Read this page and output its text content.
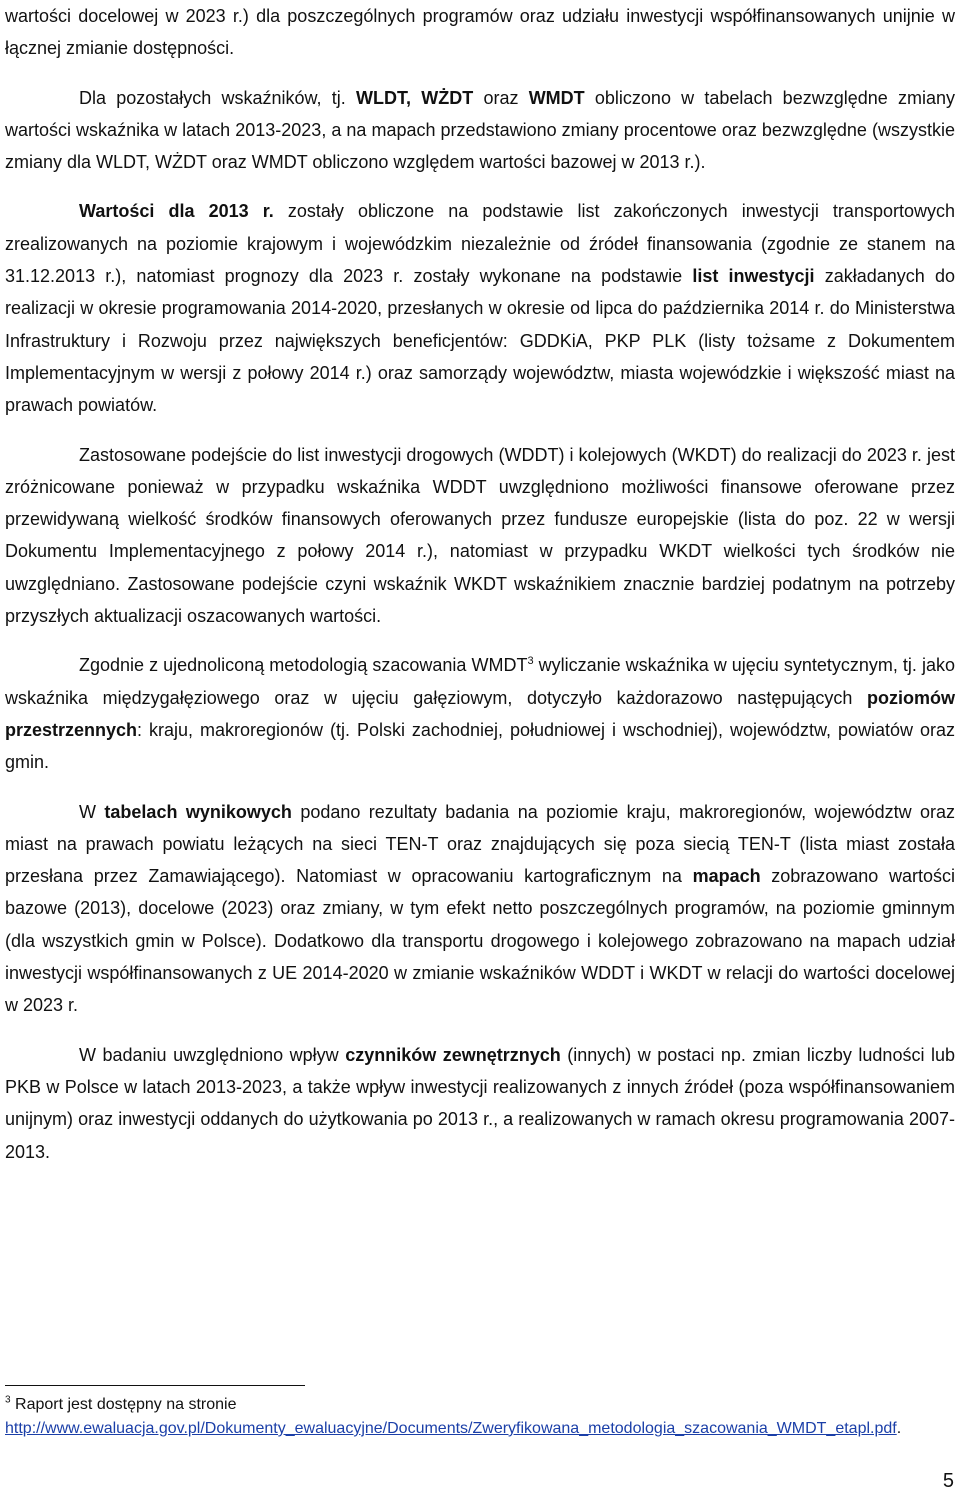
wartości docelowej w 2023 r.) dla poszczególnych programów oraz udziału inwestycji współfinansowanych unijnie w łącznej zmianie dostępności.

Dla pozostałych wskaźników, tj. WLDT, WŻDT oraz WMDT obliczono w tabelach bezwzględne zmiany wartości wskaźnika w latach 2013-2023, a na mapach przedstawiono zmiany procentowe oraz bezwzględne (wszystkie zmiany dla WLDT, WŻDT oraz WMDT obliczono względem wartości bazowej w 2013 r.).

Wartości dla 2013 r. zostały obliczone na podstawie list zakończonych inwestycji transportowych zrealizowanych na poziomie krajowym i wojewódzkim niezależnie od źródeł finansowania (zgodnie ze stanem na 31.12.2013 r.), natomiast prognozy dla 2023 r. zostały wykonane na podstawie list inwestycji zakładanych do realizacji w okresie programowania 2014-2020, przesłanych w okresie od lipca do października 2014 r. do Ministerstwa Infrastruktury i Rozwoju przez największych beneficjentów: GDDKiA, PKP PLK (listy tożsame z Dokumentem Implementacyjnym w wersji z połowy 2014 r.) oraz samorządy województw, miasta wojewódzkie i większość miast na prawach powiatów.

Zastosowane podejście do list inwestycji drogowych (WDDT) i kolejowych (WKDT) do realizacji do 2023 r. jest zróżnicowane ponieważ w przypadku wskaźnika WDDT uwzględniono możliwości finansowe oferowane przez przewidywaną wielkość środków finansowych oferowanych przez fundusze europejskie (lista do poz. 22 w wersji Dokumentu Implementacyjnego z połowy 2014 r.), natomiast w przypadku WKDT wielkości tych środków nie uwzględniano. Zastosowane podejście czyni wskaźnik WKDT wskaźnikiem znacznie bardziej podatnym na potrzeby przyszłych aktualizacji oszacowanych wartości.

Zgodnie z ujednoliconą metodologią szacowania WMDT$^3$ wyliczanie wskaźnika w ujęciu syntetycznym, tj. jako wskaźnika międzygałęziowego oraz w ujęciu gałęziowym, dotyczyło każdorazowo następujących poziomów przestrzennych: kraju, makroregionów (tj. Polski zachodniej, południowej i wschodniej), województw, powiatów oraz gmin.

W tabelach wynikowych podano rezultaty badania na poziomie kraju, makroregionów, województw oraz miast na prawach powiatu leżących na sieci TEN-T oraz znajdujących się poza siecią TEN-T (lista miast została przesłana przez Zamawiającego). Natomiast w opracowaniu kartograficznym na mapach zobrazowano wartości bazowe (2013), docelowe (2023) oraz zmiany, w tym efekt netto poszczególnych programów, na poziomie gminnym (dla wszystkich gmin w Polsce). Dodatkowo dla transportu drogowego i kolejowego zobrazowano na mapach udział inwestycji współfinansowanych z UE 2014-2020 w zmianie wskaźników WDDT i WKDT w relacji do wartości docelowej w 2023 r.

W badaniu uwzględniono wpływ czynników zewnętrznych (innych) w postaci np. zmian liczby ludności lub PKB w Polsce w latach 2013-2023, a także wpływ inwestycji realizowanych z innych źródeł (poza współfinansowaniem unijnym) oraz inwestycji oddanych do użytkowania po 2013 r., a realizowanych w ramach okresu programowania 2007-2013.

$^3$ Raport jest dostępny na stronie
http://www.ewaluacja.gov.pl/Dokumenty_ewaluacyjne/Documents/Zweryfikowana_metodologia_szacowania_WMDT_etapl.pdf.
5
